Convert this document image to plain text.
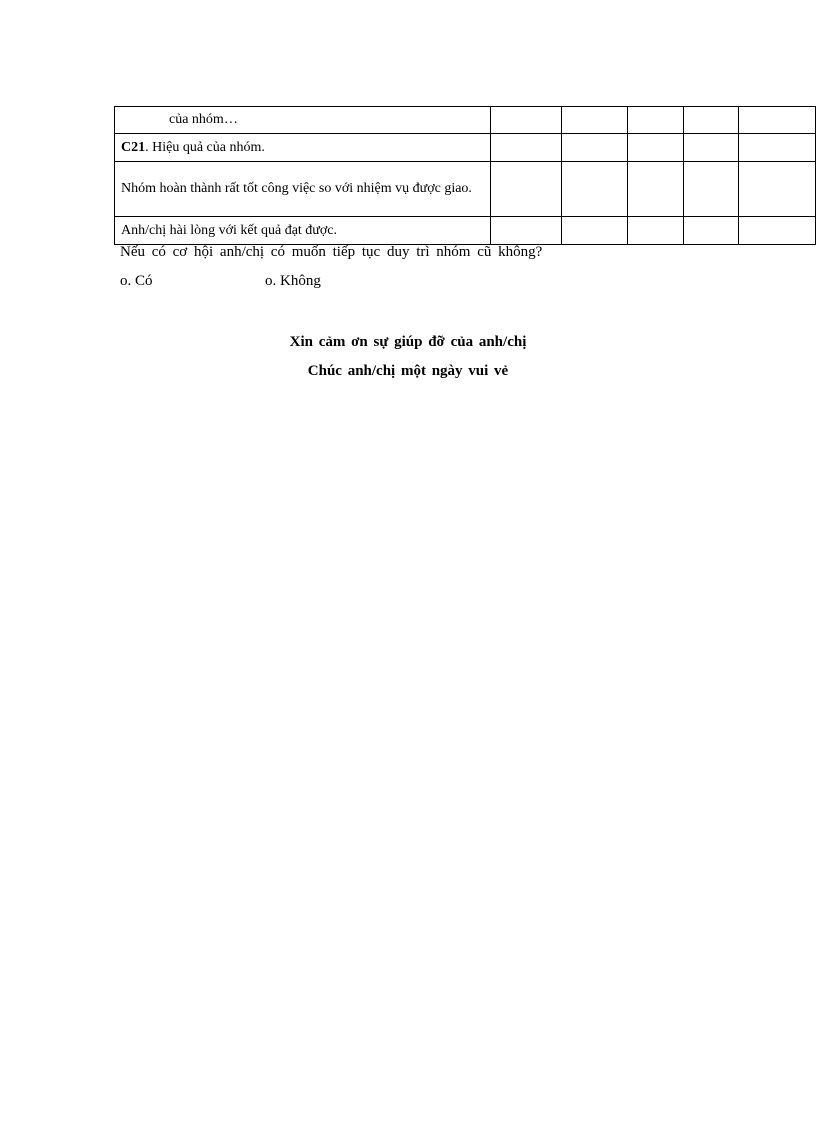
của nhóm…					
C21. Hiệu quả của nhóm.					
Nhóm hoàn thành rất tốt công việc so với nhiệm vụ được giao.					
Anh/chị hài lòng với kết quả đạt được.					
Nếu có cơ hội anh/chị có muốn tiếp tục duy trì nhóm cũ không?
o. Có	o. Không
Xin cảm ơn sự giúp đỡ của anh/chị
Chúc anh/chị một ngày vui vẻ
